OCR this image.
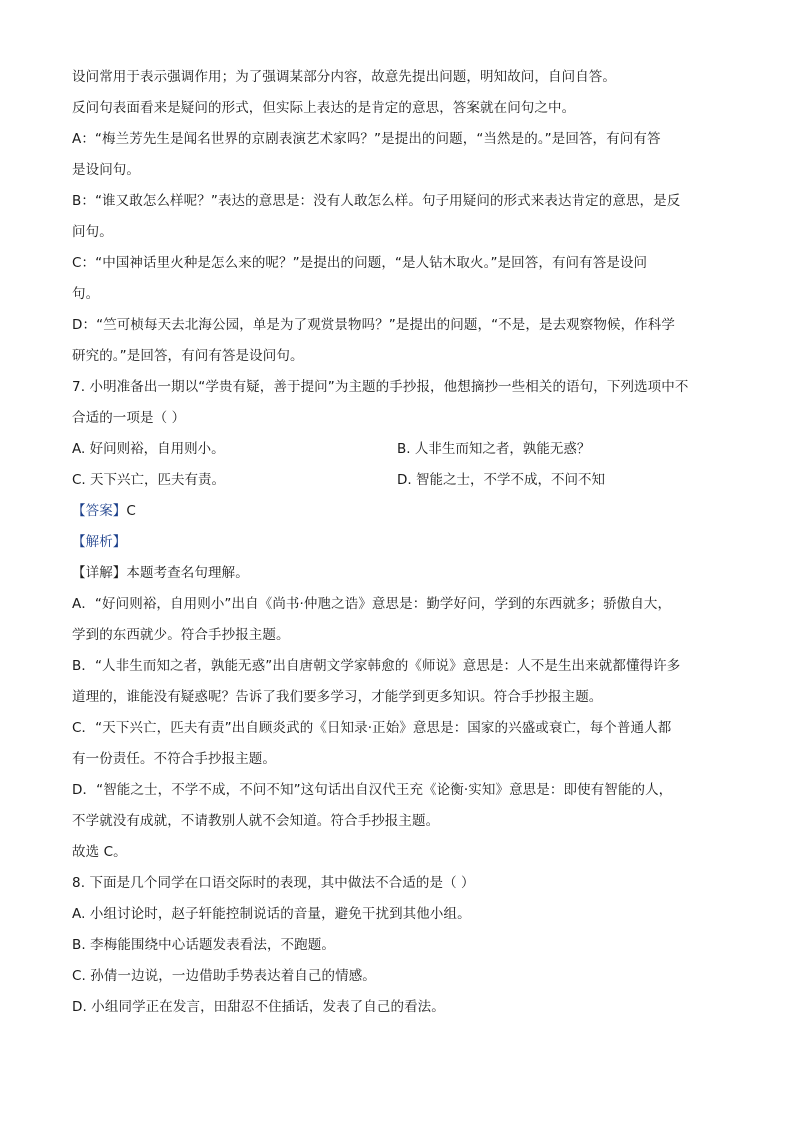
设问常用于表示强调作用；为了强调某部分内容，故意先提出问题，明知故问，自问自答。
反问句表面看来是疑问的形式，但实际上表达的是肯定的意思，答案就在问句之中。
A：“梅兰芳先生是闻名世界的京剧表演艺术家吗？”是提出的问题，“当然是的。”是回答，有问有答
是设问句。
B：“谁又敢怎么样呢？”表达的意思是：没有人敢怎么样。句子用疑问的形式来表达肯定的意思，是反
问句。
C：“中国神话里火种是怎么来的呢？”是提出的问题，“是人钻木取火。”是回答，有问有答是设问
句。
D：“竺可桢每天去北海公园，单是为了观赏景物吗？”是提出的问题，“不是，是去观察物候，作科学
研究的。”是回答，有问有答是设问句。
7. 小明准备出一期以“学贵有疑，善于提问”为主题的手抄报，他想摘抄一些相关的语句，下列选项中不
合适的一项是（ ）
A. 好问则裕，自用则小。	B. 人非生而知之者，孰能无惑？
C. 天下兴亡，匹夫有责。	D. 智能之士，不学不成，不问不知
【答案】C
【解析】
【详解】本题考查名句理解。
A．“好问则裕，自用则小”出自《尚书·仲虺之诰》意思是：勤学好问，学到的东西就多；骄傲自大，
学到的东西就少。符合手抄报主题。
B．“人非生而知之者，孰能无惑”出自唐朝文学家韩愈的《师说》意思是：人不是生出来就都懂得许多
道理的，谁能没有疑惑呢？告诉了我们要多学习，才能学到更多知识。符合手抄报主题。
C．“天下兴亡，匹夫有责”出自顾炎武的《日知录·正始》意思是：国家的兴盛或衰亡，每个普通人都
有一份责任。不符合手抄报主题。
D．“智能之士，不学不成，不问不知”这句话出自汉代王充《论衡·实知》意思是：即使有智能的人，
不学就没有成就，不请教别人就不会知道。符合手抄报主题。
故选 C。
8. 下面是几个同学在口语交际时的表现，其中做法不合适的是（ ）
A. 小组讨论时，赵子轩能控制说话的音量，避免干扰到其他小组。
B. 李梅能围绕中心话题发表看法，不跑题。
C. 孙倩一边说，一边借助手势表达着自己的情感。
D. 小组同学正在发言，田甜忍不住插话，发表了自己的看法。
